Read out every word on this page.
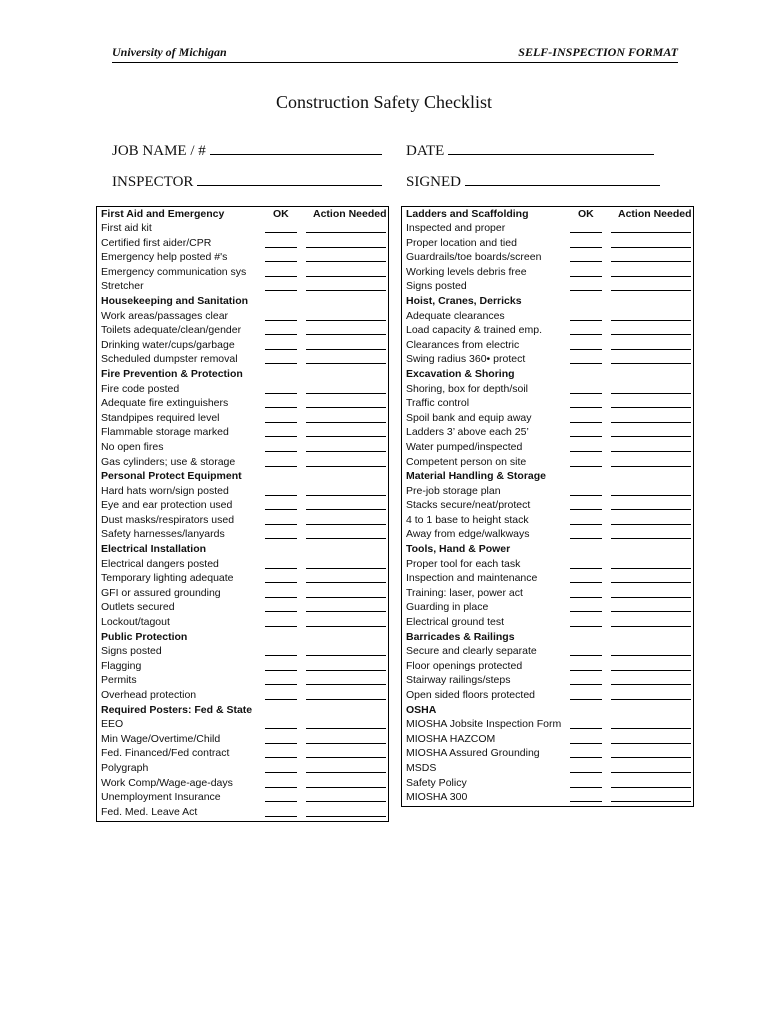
University of Michigan	SELF-INSPECTION FORMAT
Construction Safety Checklist
JOB NAME / #	DATE
INSPECTOR	SIGNED
First Aid and Emergency	OK Action Needed
First aid kit
Certified first aider/CPR
Emergency help posted #'s
Emergency communication sys
Stretcher
Housekeeping and Sanitation
Work areas/passages clear
Toilets adequate/clean/gender
Drinking water/cups/garbage
Scheduled dumpster removal
Fire Prevention & Protection
Fire code posted
Adequate fire extinguishers
Standpipes required level
Flammable storage marked
No open fires
Gas cylinders; use & storage
Personal Protect Equipment
Hard hats worn/sign posted
Eye and ear protection used
Dust masks/respirators used
Safety harnesses/lanyards
Electrical Installation
Electrical dangers posted
Temporary lighting adequate
GFI or assured grounding
Outlets secured
Lockout/tagout
Public Protection
Signs posted
Flagging
Permits
Overhead protection
Required Posters: Fed & State
EEO
Min Wage/Overtime/Child
Fed. Financed/Fed contract
Polygraph
Work Comp/Wage-age-days
Unemployment Insurance
Fed. Med. Leave Act
Ladders and Scaffolding	OK Action Needed
Inspected and proper
Proper location and tied
Guardrails/toe boards/screen
Working levels debris free
Signs posted
Hoist, Cranes, Derricks
Adequate clearances
Load capacity & trained emp.
Clearances from electric
Swing radius 360• protect
Excavation & Shoring
Shoring, box for depth/soil
Traffic control
Spoil bank and equip away
Ladders 3’ above each 25’
Water pumped/inspected
Competent person on site
Material Handling & Storage
Pre-job storage plan
Stacks secure/neat/protect
4 to 1 base to height stack
Away from edge/walkways
Tools, Hand & Power
Proper tool for each task
Inspection and maintenance
Training: laser, power act
Guarding in place
Electrical ground test
Barricades & Railings
Secure and clearly separate
Floor openings protected
Stairway railings/steps
Open sided floors protected
OSHA
MIOSHA Jobsite Inspection Form
MIOSHA HAZCOM
MIOSHA Assured Grounding
MSDS
Safety Policy
MIOSHA 300
